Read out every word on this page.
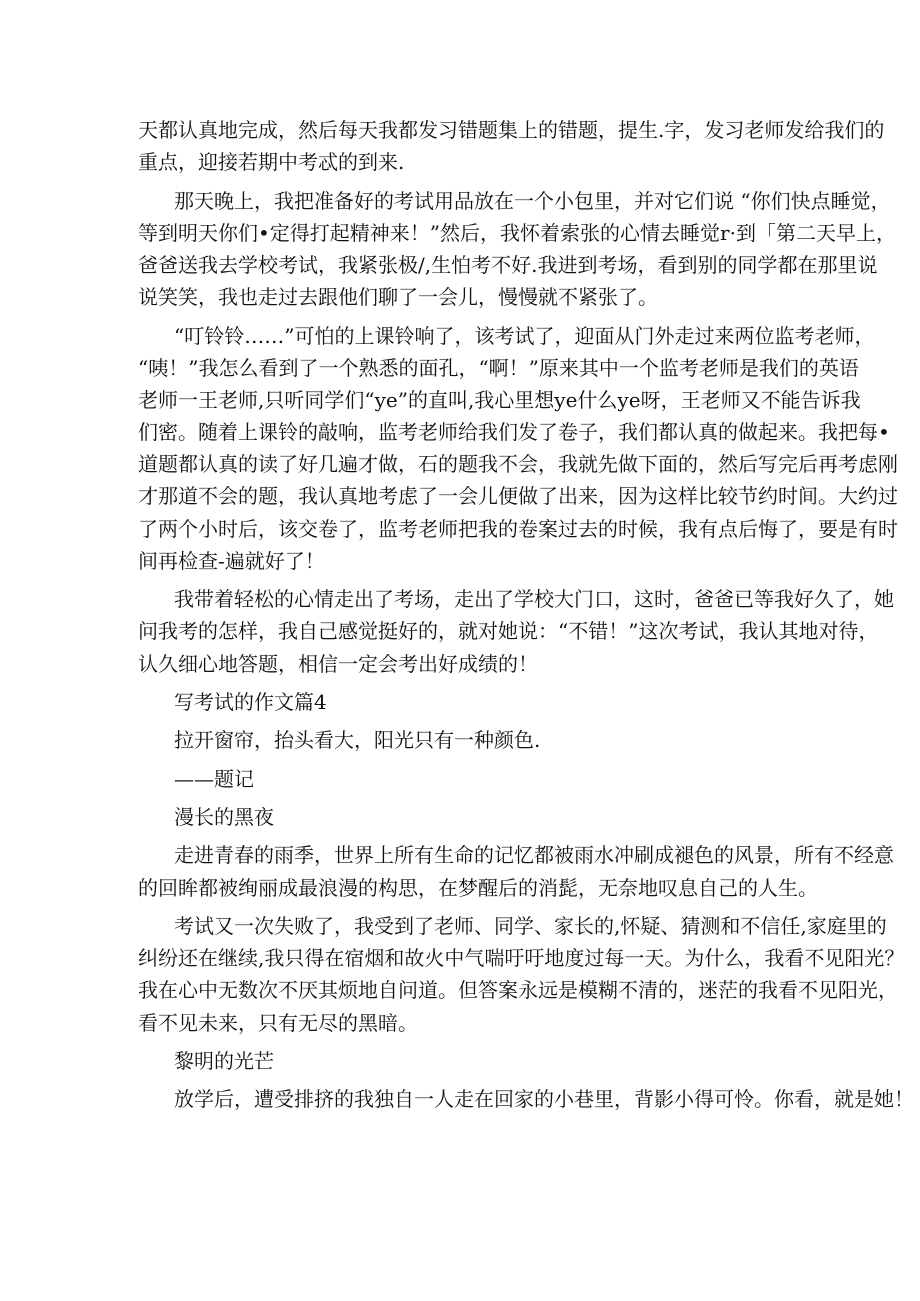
天都认真地完成，然后每天我都发习错题集上的错题，提生.字，发习老师发给我们的
重点，迎接若期中考忒的到来.
那天晚上，我把准备好的考试用品放在一个小包里，并对它们说 “你们快点睡觉，
等到明天你们•定得打起精神来！”然后，我怀着索张的心情去睡觉r·到「第二天早上，
爸爸送我去学校考试，我紧张极/,生怕考不好.我进到考场，看到别的同学都在那里说
说笑笑，我也走过去跟他们聊了一会儿，慢慢就不紧张了。
“叮铃铃……”可怕的上课铃响了，该考试了，迎面从门外走过来两位监考老师，
“咦！”我怎么看到了一个熟悉的面孔，“啊！”原来其中一个监考老师是我们的英语
老师一王老师,只听同学们“ye”的直叫,我心里想ye什么ye呀，王老师又不能告诉我
们密。随着上课铃的敲响，监考老师给我们发了卷子，我们都认真的做起来。我把每•
道题都认真的读了好几遍才做，石的题我不会，我就先做下面的，然后写完后再考虑刚
才那道不会的题，我认真地考虑了一会儿便做了出来，因为这样比较节约时间。大约过
了两个小时后，该交卷了，监考老师把我的卷案过去的时候，我有点后悔了，要是有时
间再检查-遍就好了！
我带着轻松的心情走出了考场，走出了学校大门口，这时，爸爸已等我好久了，她
问我考的怎样，我自己感觉挺好的，就对她说：“不错！”这次考试，我认其地对待，
认久细心地答题，相信一定会考出好成绩的！
写考试的作文篇4
拉开窗帘，抬头看大，阳光只有一种颜色.
——题记
漫长的黑夜
走进青春的雨季，世界上所有生命的记忆都被雨水冲刷成褪色的风景，所有不经意
的回眸都被绚丽成最浪漫的构思，在梦醒后的消髭，无奈地叹息自己的人生。
考试又一次失败了，我受到了老师、同学、家长的,怀疑、猜测和不信任,家庭里的
纠纷还在继续,我只得在宿烟和故火中气喘吁吁地度过每一天。为什么，我看不见阳光？
我在心中无数次不厌其烦地自问道。但答案永远是模糊不清的，迷茫的我看不见阳光，
看不见未来，只有无尽的黑暗。
黎明的光芒
放学后，遭受排挤的我独自一人走在回家的小巷里，背影小得可怜。你看，就是她！
